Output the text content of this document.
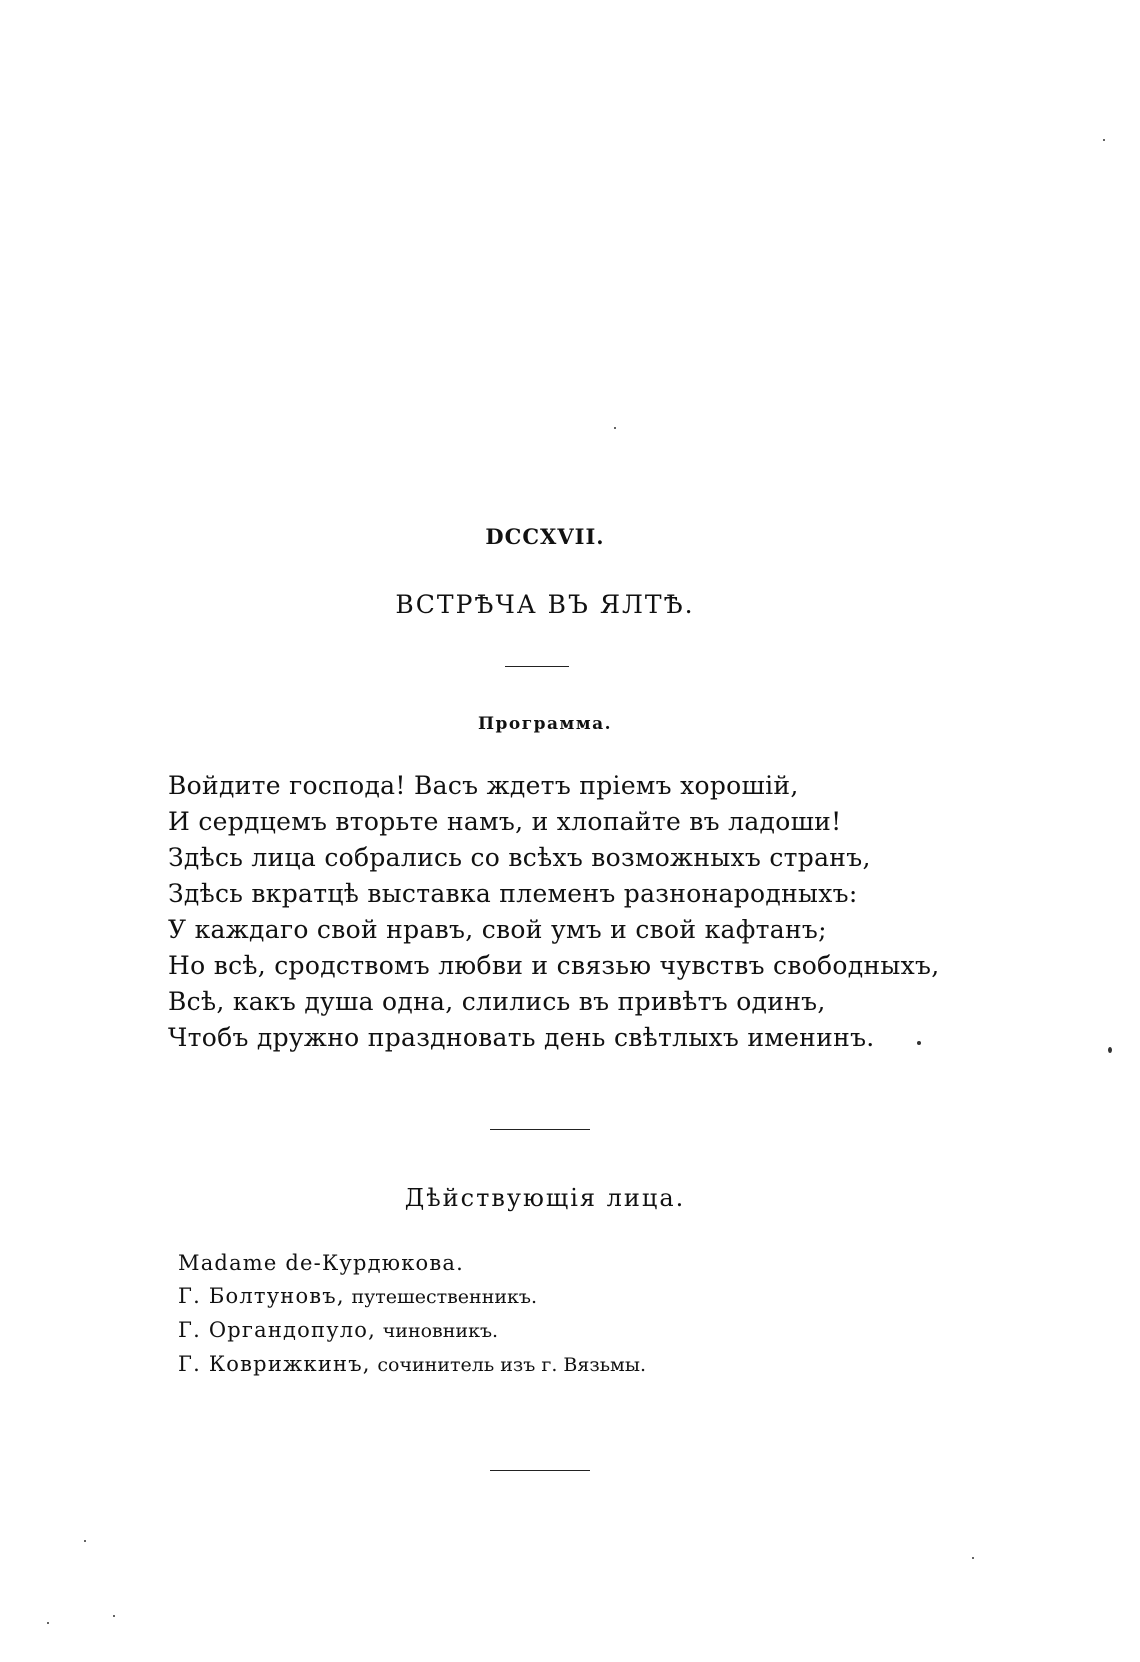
DCCXVII.
ВСТРѢЧА ВЪ ЯЛТѢ.
Программа.
Войдите господа! Васъ ждетъ пріемъ хорошій,
И сердцемъ вторьте намъ, и хлопайте въ ладоши!
Здѣсь лица собрались со всѣхъ возможныхъ странъ,
Здѣсь вкратцѣ выставка племенъ разнонародныхъ:
У каждаго свой нравъ, свой умъ и свой кафтанъ;
Но всѣ, сродствомъ любви и связью чувствъ свободныхъ,
Всѣ, какъ душа одна, слились въ привѣтъ одинъ,
Чтобъ дружно праздновать день свѣтлыхъ именинъ.
Дѣйствующія лица.
Madame de-Курдюкова.
Г. Болтуновъ, путешественникъ.
Г. Органдопуло, чиновникъ.
Г. Коврижкинъ, сочинитель изъ г. Вязьмы.
